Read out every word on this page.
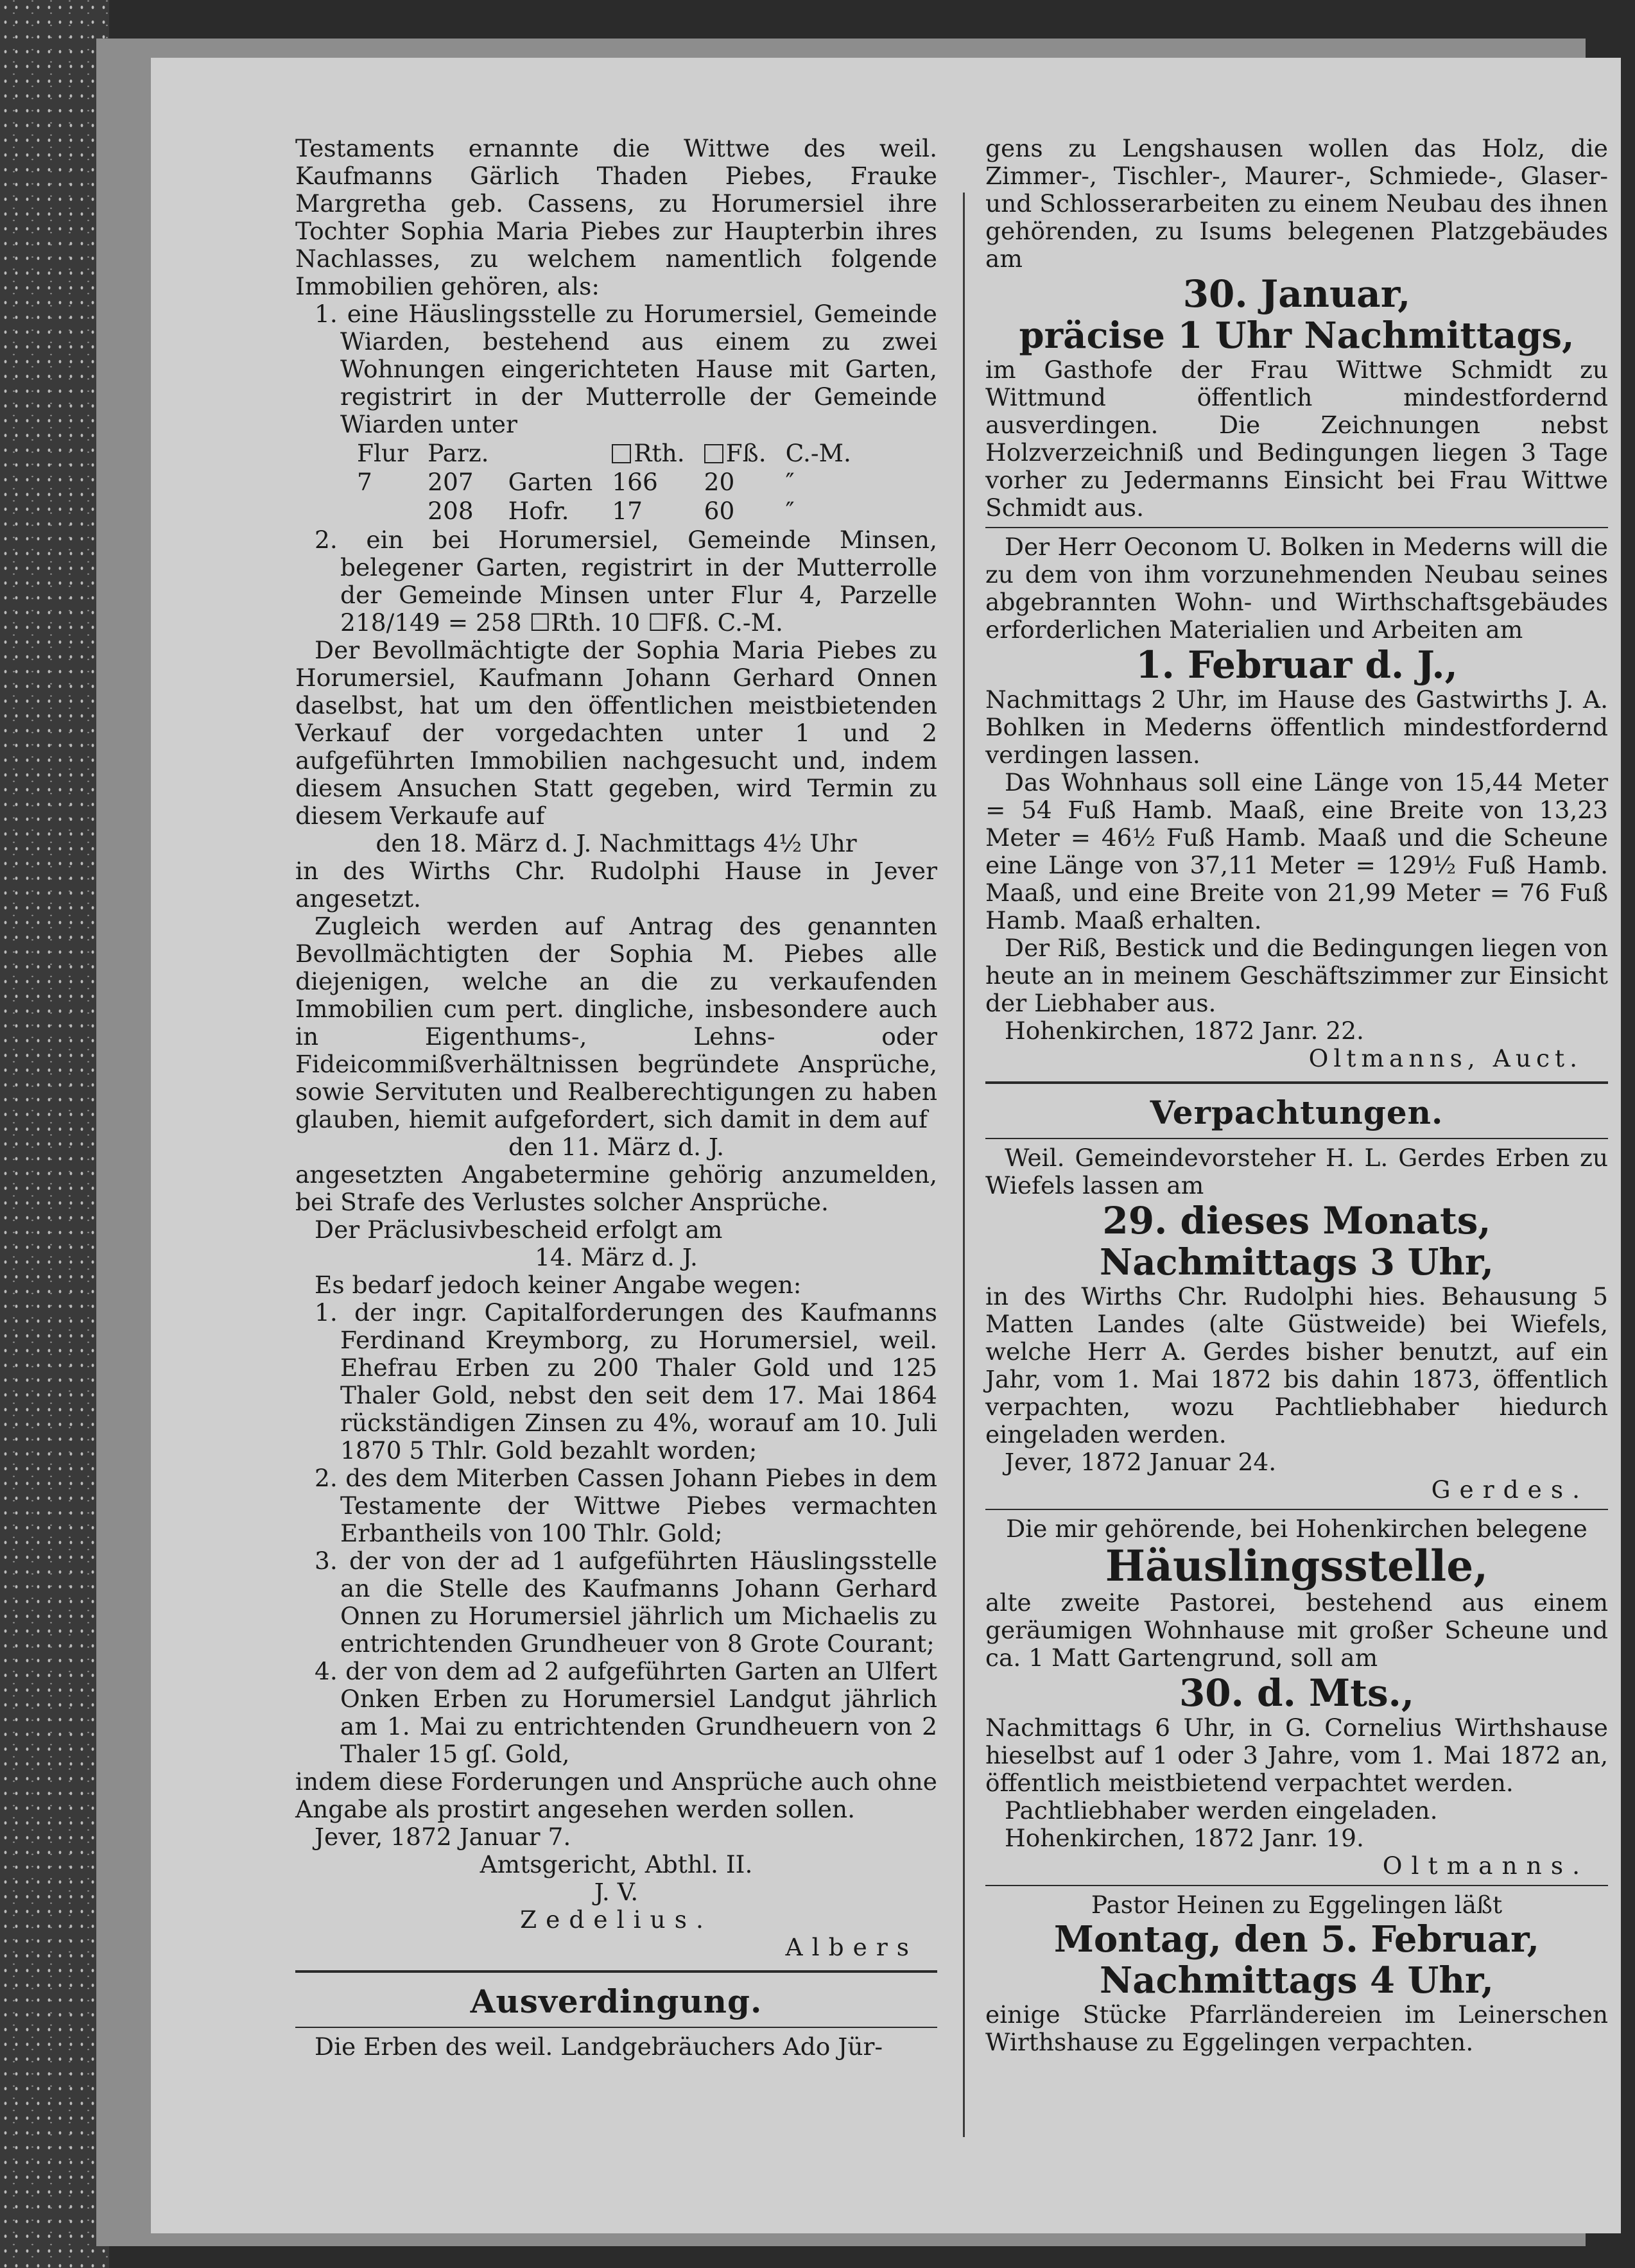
Testaments ernannte die Wittwe des weil. Kaufmanns Gärlich Thaden Piebes, Frauke Margretha geb. Cassens, zu Horumersiel ihre Tochter Sophia Maria Piebes zur Haupterbin ihres Nachlasses, zu welchem namentlich folgende Immobilien gehören, als:

1. eine Häuslingsstelle zu Horumersiel, Gemeinde Wiarden, bestehend aus einem zu zwei Wohnungen eingerichteten Hause mit Garten, registrirt in der Mutterrolle der Gemeinde Wiarden unter

Flur	Parz.		Rth.	Fß.	C.-M.
7	207	Garten	166	20	″
	208	Hofr.	17	60	″

2. ein bei Horumersiel, Gemeinde Minsen, belegener Garten, registrirt in der Mutterrolle der Gemeinde Minsen unter Flur 4, Parzelle 218/149 = 258 ☐Rth. 10 ☐Fß. C.-M.

Der Bevollmächtigte der Sophia Maria Piebes zu Horumersiel, Kaufmann Johann Gerhard Onnen daselbst, hat um den öffentlichen meistbietenden Verkauf der vorgedachten unter 1 und 2 aufgeführten Immobilien nachgesucht und, indem diesem Ansuchen Statt gegeben, wird Termin zu diesem Verkaufe auf

den 18. März d. J. Nachmittags 4½ Uhr

in des Wirths Chr. Rudolphi Hause in Jever angesetzt.

Zugleich werden auf Antrag des genannten Bevollmächtigten der Sophia M. Piebes alle diejenigen, welche an die zu verkaufenden Immobilien cum pert. dingliche, insbesondere auch in Eigenthums-, Lehns- oder Fideicommißverhältnissen begründete Ansprüche, sowie Servituten und Realberechtigungen zu haben glauben, hiemit aufgefordert, sich damit in dem auf

den 11. März d. J.

angesetzten Angabetermine gehörig anzumelden, bei Strafe des Verlustes solcher Ansprüche.

Der Präclusivbescheid erfolgt am

14. März d. J.

Es bedarf jedoch keiner Angabe wegen:

1. der ingr. Capitalforderungen des Kaufmanns Ferdinand Kreymborg, zu Horumersiel, weil. Ehefrau Erben zu 200 Thaler Gold und 125 Thaler Gold, nebst den seit dem 17. Mai 1864 rückständigen Zinsen zu 4%, worauf am 10. Juli 1870 5 Thlr. Gold bezahlt worden;

2. des dem Miterben Cassen Johann Piebes in dem Testamente der Wittwe Piebes vermachten Erbantheils von 100 Thlr. Gold;

3. der von der ad 1 aufgeführten Häuslingsstelle an die Stelle des Kaufmanns Johann Gerhard Onnen zu Horumersiel jährlich um Michaelis zu entrichtenden Grundheuer von 8 Grote Courant;

4. der von dem ad 2 aufgeführten Garten an Ulfert Onken Erben zu Horumersiel Landgut jährlich am 1. Mai zu entrichtenden Grundheuern von 2 Thaler 15 gſ. Gold,

indem diese Forderungen und Ansprüche auch ohne Angabe als prostirt angesehen werden sollen.

Jever, 1872 Januar 7.

Amtsgericht, Abthl. II.

J. V.

Zedelius.

Albers

Ausverdingung.

Die Erben des weil. Landgebräuchers Ado Jür-

gens zu Lengshausen wollen das Holz, die Zimmer-, Tischler-, Maurer-, Schmiede-, Glaser- und Schlosserarbeiten zu einem Neubau des ihnen gehörenden, zu Isums belegenen Platzgebäudes am

30. Januar,
präcise 1 Uhr Nachmittags,

im Gasthofe der Frau Wittwe Schmidt zu Wittmund öffentlich mindestfordernd ausverdingen. Die Zeichnungen nebst Holzverzeichniß und Bedingungen liegen 3 Tage vorher zu Jedermanns Einsicht bei Frau Wittwe Schmidt aus.

Der Herr Oeconom U. Bolken in Mederns will die zu dem von ihm vorzunehmenden Neubau seines abgebrannten Wohn- und Wirthschaftsgebäudes erforderlichen Materialien und Arbeiten am

1. Februar d. J.,

Nachmittags 2 Uhr, im Hause des Gastwirths J. A. Bohlken in Mederns öffentlich mindestfordernd verdingen lassen.

Das Wohnhaus soll eine Länge von 15,44 Meter = 54 Fuß Hamb. Maaß, eine Breite von 13,23 Meter = 46½ Fuß Hamb. Maaß und die Scheune eine Länge von 37,11 Meter = 129½ Fuß Hamb. Maaß, und eine Breite von 21,99 Meter = 76 Fuß Hamb. Maaß erhalten.

Der Riß, Bestick und die Bedingungen liegen von heute an in meinem Geschäftszimmer zur Einsicht der Liebhaber aus.

Hohenkirchen, 1872 Janr. 22.

Oltmanns, Auct.

Verpachtungen.

Weil. Gemeindevorsteher H. L. Gerdes Erben zu Wiefels lassen am

29. dieses Monats,
Nachmittags 3 Uhr,

in des Wirths Chr. Rudolphi hies. Behausung 5 Matten Landes (alte Güstweide) bei Wiefels, welche Herr A. Gerdes bisher benutzt, auf ein Jahr, vom 1. Mai 1872 bis dahin 1873, öffentlich verpachten, wozu Pachtliebhaber hiedurch eingeladen werden.

Jever, 1872 Januar 24.

Gerdes.

Die mir gehörende, bei Hohenkirchen belegene

Häuslingsstelle,

alte zweite Pastorei, bestehend aus einem geräumigen Wohnhause mit großer Scheune und ca. 1 Matt Gartengrund, soll am

30. d. Mts.,

Nachmittags 6 Uhr, in G. Cornelius Wirthshause hieselbst auf 1 oder 3 Jahre, vom 1. Mai 1872 an, öffentlich meistbietend verpachtet werden.

Pachtliebhaber werden eingeladen.

Hohenkirchen, 1872 Janr. 19.

Oltmanns.

Pastor Heinen zu Eggelingen läßt

Montag, den 5. Februar,
Nachmittags 4 Uhr,

einige Stücke Pfarrländereien im Leinerschen Wirthshause zu Eggelingen verpachten.
